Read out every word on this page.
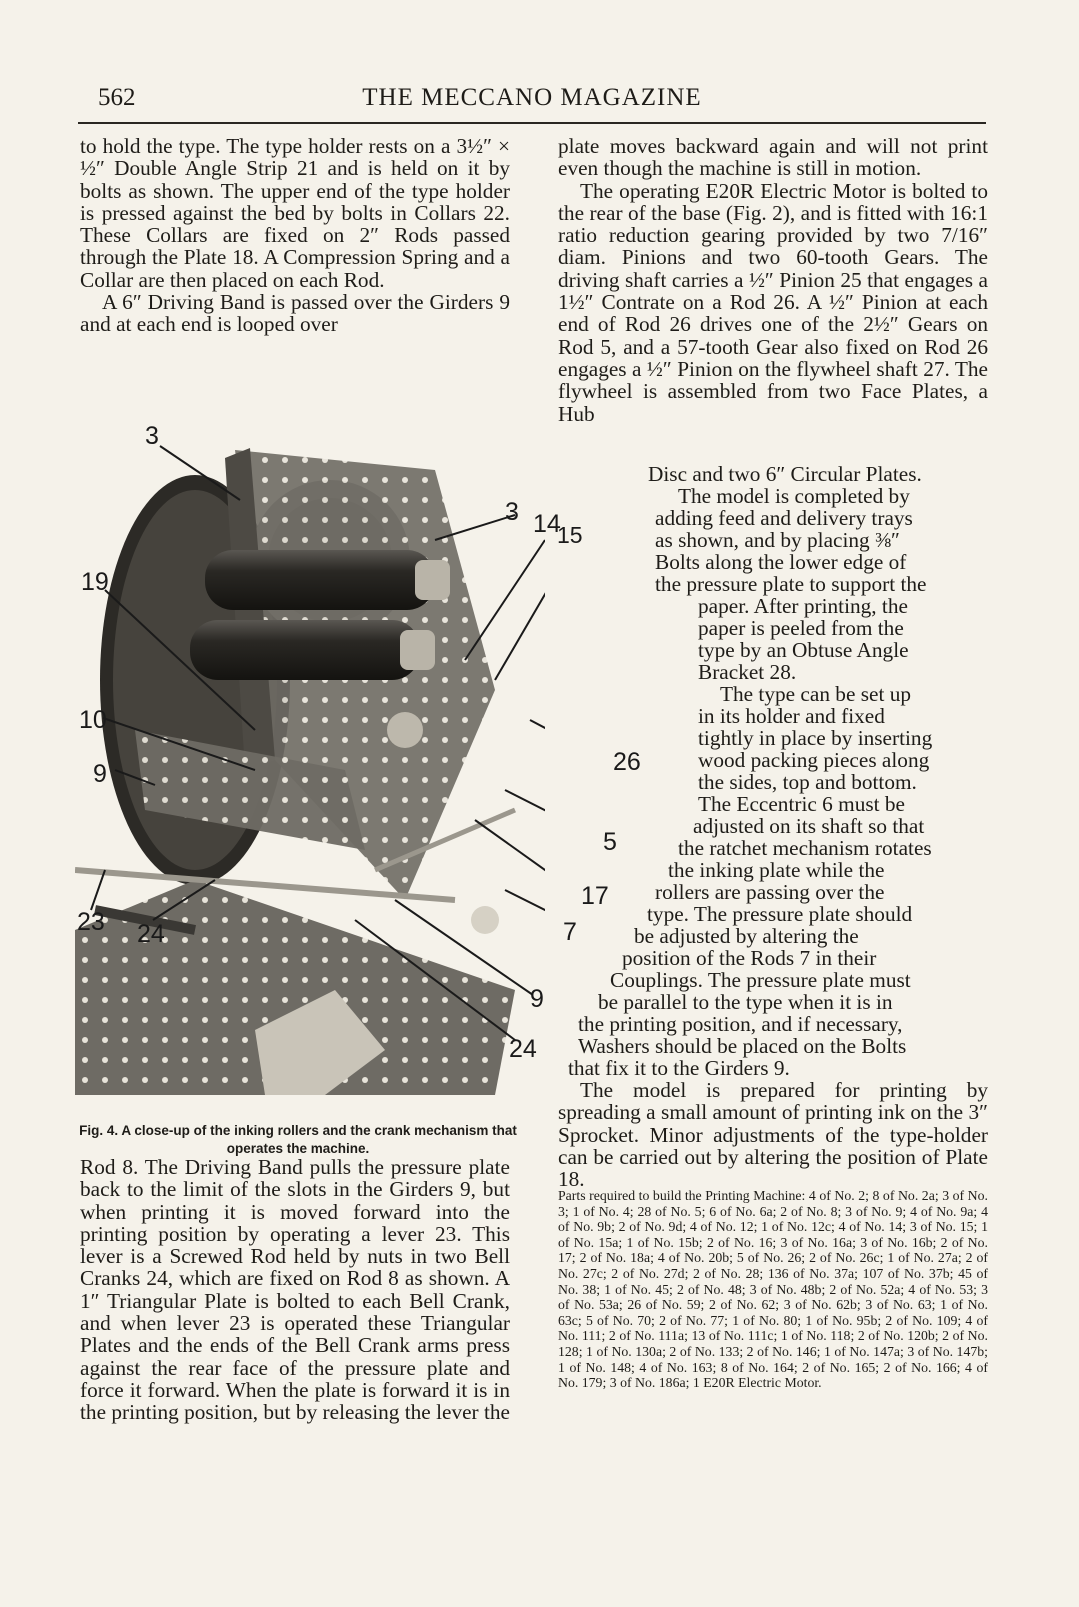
562	THE MECCANO MAGAZINE

to hold the type. The type holder rests on a 3½″ × ½″ Double Angle Strip 21 and is held on it by bolts as shown. The upper end of the type holder is pressed against the bed by bolts in Collars 22. These Collars are fixed on 2″ Rods passed through the Plate 18. A Compression Spring and a Collar are then placed on each Rod.

A 6″ Driving Band is passed over the Girders 9 and at each end is looped over

3
19
10
9
23 24
3 14
15
26
5
17
7
9
24
Fig. 4. A close-up of the inking rollers and the crank mechanism that operates the machine.

Rod 8. The Driving Band pulls the pressure plate back to the limit of the slots in the Girders 9, but when printing it is moved forward into the printing position by operating a lever 23. This lever is a Screwed Rod held by nuts in two Bell Cranks 24, which are fixed on Rod 8 as shown. A 1″ Triangular Plate is bolted to each Bell Crank, and when lever 23 is operated these Triangular Plates and the ends of the Bell Crank arms press against the rear face of the pressure plate and force it forward. When the plate is forward it is in the printing position, but by releasing the lever the

plate moves backward again and will not print even though the machine is still in motion.

The operating E20R Electric Motor is bolted to the rear of the base (Fig. 2), and is fitted with 16:1 ratio reduction gearing provided by two 7/16″ diam. Pinions and two 60-tooth Gears. The driving shaft carries a ½″ Pinion 25 that engages a 1½″ Contrate on a Rod 26. A ½″ Pinion at each end of Rod 26 drives one of the 2½″ Gears on Rod 5, and a 57-tooth Gear also fixed on Rod 26 engages a ½″ Pinion on the flywheel shaft 27. The flywheel is assembled from two Face Plates, a Hub

Disc and two 6″ Circular Plates.
The model is completed by
adding feed and delivery trays
as shown, and by placing ⅜″
Bolts along the lower edge of
the pressure plate to support the
paper. After printing, the
paper is peeled from the
type by an Obtuse Angle
Bracket 28.
The type can be set up
in its holder and fixed
tightly in place by inserting
wood packing pieces along
the sides, top and bottom.
The Eccentric 6 must be
adjusted on its shaft so that
the ratchet mechanism rotates
the inking plate while the
rollers are passing over the
type. The pressure plate should
be adjusted by altering the
position of the Rods 7 in their
Couplings. The pressure plate must
be parallel to the type when it is in
the printing position, and if necessary,
Washers should be placed on the Bolts
that fix it to the Girders 9.

The model is prepared for printing by spreading a small amount of printing ink on the 3″ Sprocket. Minor adjustments of the type-holder can be carried out by altering the position of Plate 18.

Parts required to build the Printing Machine: 4 of No. 2; 8 of No. 2a; 3 of No. 3; 1 of No. 4; 28 of No. 5; 6 of No. 6a; 2 of No. 8; 3 of No. 9; 4 of No. 9a; 4 of No. 9b; 2 of No. 9d; 4 of No. 12; 1 of No. 12c; 4 of No. 14; 3 of No. 15; 1 of No. 15a; 1 of No. 15b; 2 of No. 16; 3 of No. 16a; 3 of No. 16b; 2 of No. 17; 2 of No. 18a; 4 of No. 20b; 5 of No. 26; 2 of No. 26c; 1 of No. 27a; 2 of No. 27c; 2 of No. 27d; 2 of No. 28; 136 of No. 37a; 107 of No. 37b; 45 of No. 38; 1 of No. 45; 2 of No. 48; 3 of No. 48b; 2 of No. 52a; 4 of No. 53; 3 of No. 53a; 26 of No. 59; 2 of No. 62; 3 of No. 62b; 3 of No. 63; 1 of No. 63c; 5 of No. 70; 2 of No. 77; 1 of No. 80; 1 of No. 95b; 2 of No. 109; 4 of No. 111; 2 of No. 111a; 13 of No. 111c; 1 of No. 118; 2 of No. 120b; 2 of No. 128; 1 of No. 130a; 2 of No. 133; 2 of No. 146; 1 of No. 147a; 3 of No. 147b; 1 of No. 148; 4 of No. 163; 8 of No. 164; 2 of No. 165; 2 of No. 166; 4 of No. 179; 3 of No. 186a; 1 E20R Electric Motor.
